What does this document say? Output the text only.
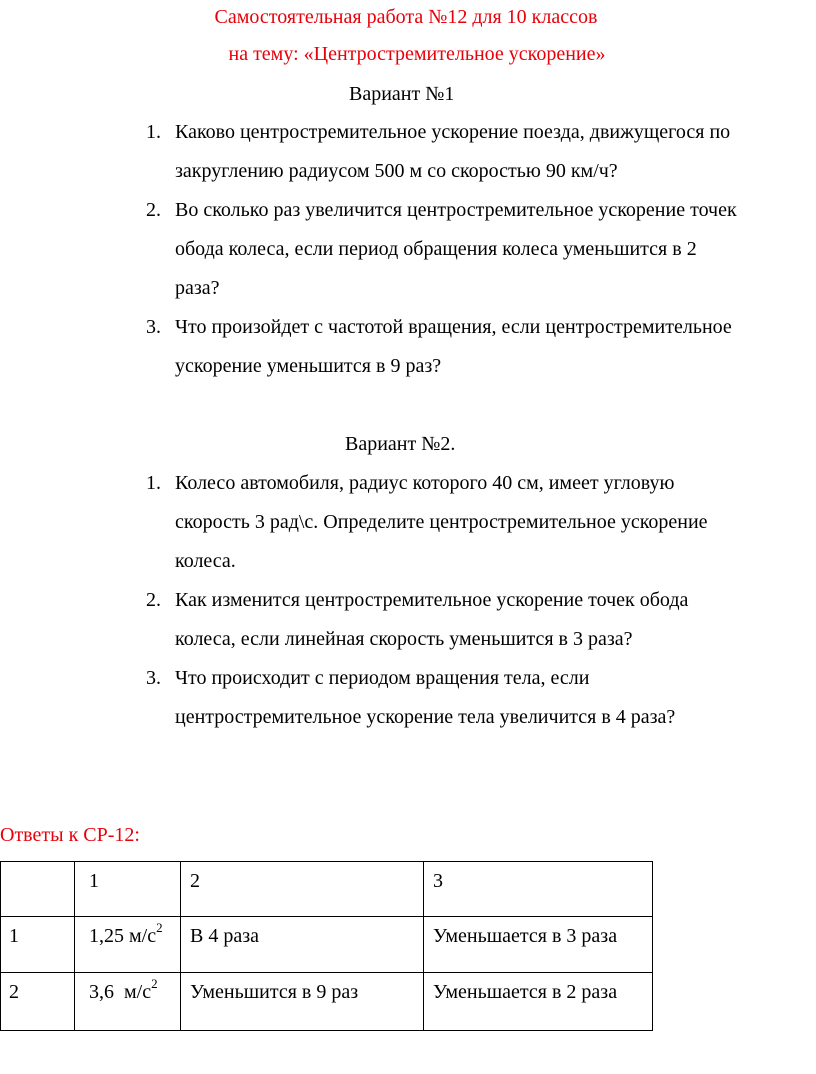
Самостоятельная работа №12 для 10 классов
на тему: «Центростремительное ускорение»
Вариант №1
1. Каково центростремительное ускорение поезда, движущегося по
закруглению радиусом 500 м со скоростью 90 км/ч?
2. Во сколько раз увеличится центростремительное ускорение точек
обода колеса, если период обращения колеса уменьшится в 2
раза?
3. Что произойдет с частотой вращения, если центростремительное
ускорение уменьшится в 9 раз?
Вариант №2.
1. Колесо автомобиля, радиус которого 40 см, имеет угловую
скорость 3 рад\с. Определите центростремительное ускорение
колеса.
2. Как изменится центростремительное ускорение точек обода
колеса, если линейная скорость уменьшится в 3 раза?
3. Что происходит с периодом вращения тела, если
центростремительное ускорение тела увеличится в 4 раза?
Ответы к СР-12:
	1	2	3
1	1,25 $м/с^2$	В 4 раза	Уменьшается в 3 раза
2	3,6  $м/с^2$	Уменьшится в 9 раз	Уменьшается в 2 раза
